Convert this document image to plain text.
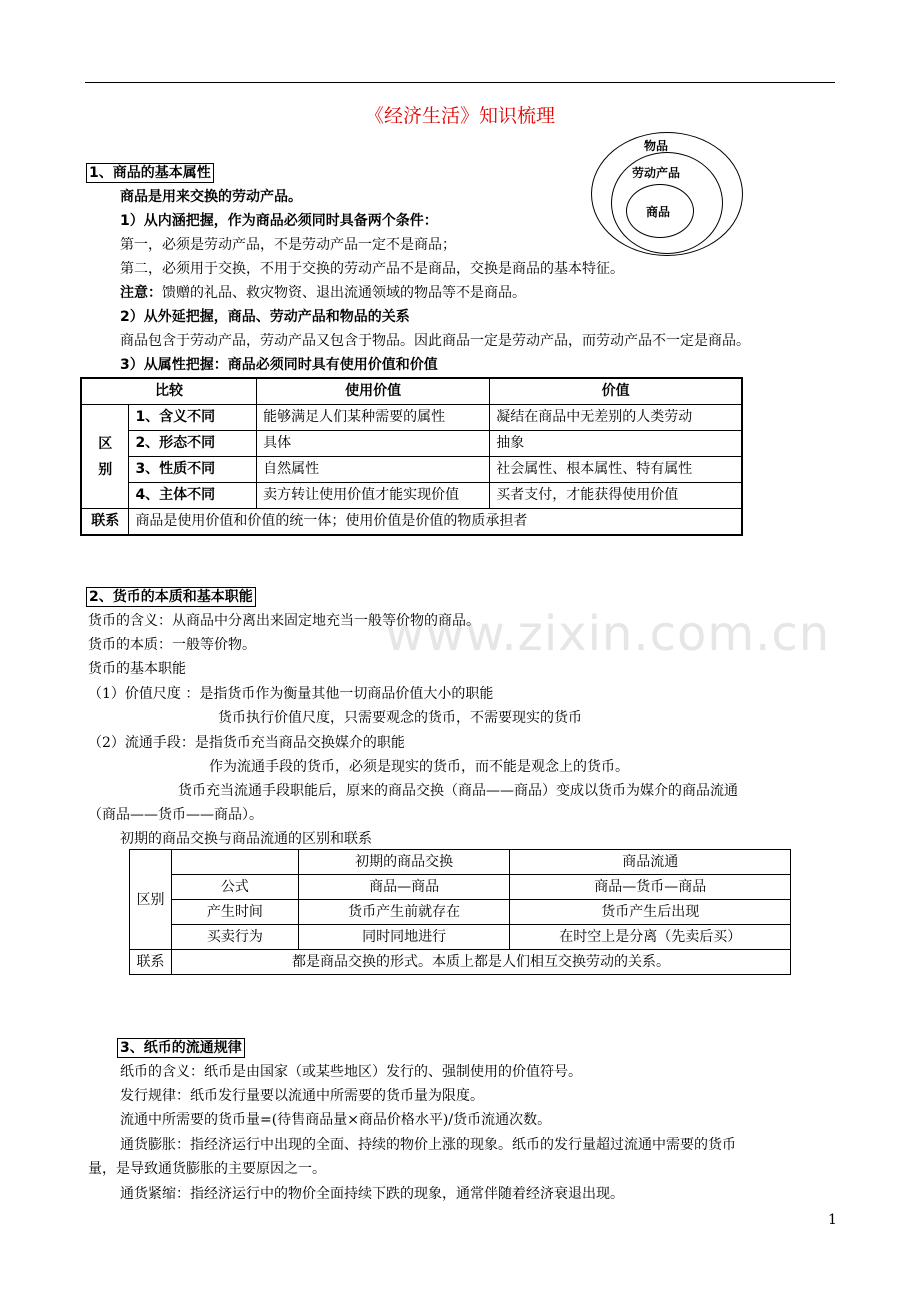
《经济生活》知识梳理
www.zixin.com.cn
物品
劳动产品
商品
1、商品的基本属性
商品是用来交换的劳动产品。
1）从内涵把握，作为商品必须同时具备两个条件：
第一，必须是劳动产品，不是劳动产品一定不是商品；
第二，必须用于交换，不用于交换的劳动产品不是商品，交换是商品的基本特征。
注意：馈赠的礼品、救灾物资、退出流通领域的物品等不是商品。
2）从外延把握，商品、劳动产品和物品的关系
商品包含于劳动产品，劳动产品又包含于物品。因此商品一定是劳动产品，而劳动产品不一定是商品。
3）从属性把握：商品必须同时具有使用价值和价值
比较		使用价值	价值

区别	1、含义不同	能够满足人们某种需要的属性	凝结在商品中无差别的人类劳动
	2、形态不同	具体	抽象
	3、性质不同	自然属性	社会属性、根本属性、特有属性
	4、主体不同	卖方转让使用价值才能实现价值	买者支付，才能获得使用价值
联系	商品是使用价值和价值的统一体；使用价值是价值的物质承担者		
2、货币的本质和基本职能
货币的含义：从商品中分离出来固定地充当一般等价物的商品。
货币的本质：一般等价物。
货币的基本职能
（1）价值尺度 ：是指货币作为衡量其他一切商品价值大小的职能
货币执行价值尺度，只需要观念的货币，不需要现实的货币
（2）流通手段：是指货币充当商品交换媒介的职能
作为流通手段的货币，必须是现实的货币，而不能是观念上的货币。
货币充当流通手段职能后，原来的商品交换（商品——商品）变成以货币为媒介的商品流通
（商品——货币——商品）。
初期的商品交换与商品流通的区别和联系
区别		初期的商品交换	商品流通
	公式	商品—商品	商品—货币—商品
	产生时间	货币产生前就存在	货币产生后出现
	买卖行为	同时同地进行	在时空上是分离（先卖后买）
联系	都是商品交换的形式。本质上都是人们相互交换劳动的关系。		
3、纸币的流通规律
纸币的含义：纸币是由国家（或某些地区）发行的、强制使用的价值符号。
发行规律：纸币发行量要以流通中所需要的货币量为限度。
流通中所需要的货币量=(待售商品量×商品价格水平)/货币流通次数。
通货膨胀：指经济运行中出现的全面、持续的物价上涨的现象。纸币的发行量超过流通中需要的货币
量，是导致通货膨胀的主要原因之一。
通货紧缩：指经济运行中的物价全面持续下跌的现象，通常伴随着经济衰退出现。
1
